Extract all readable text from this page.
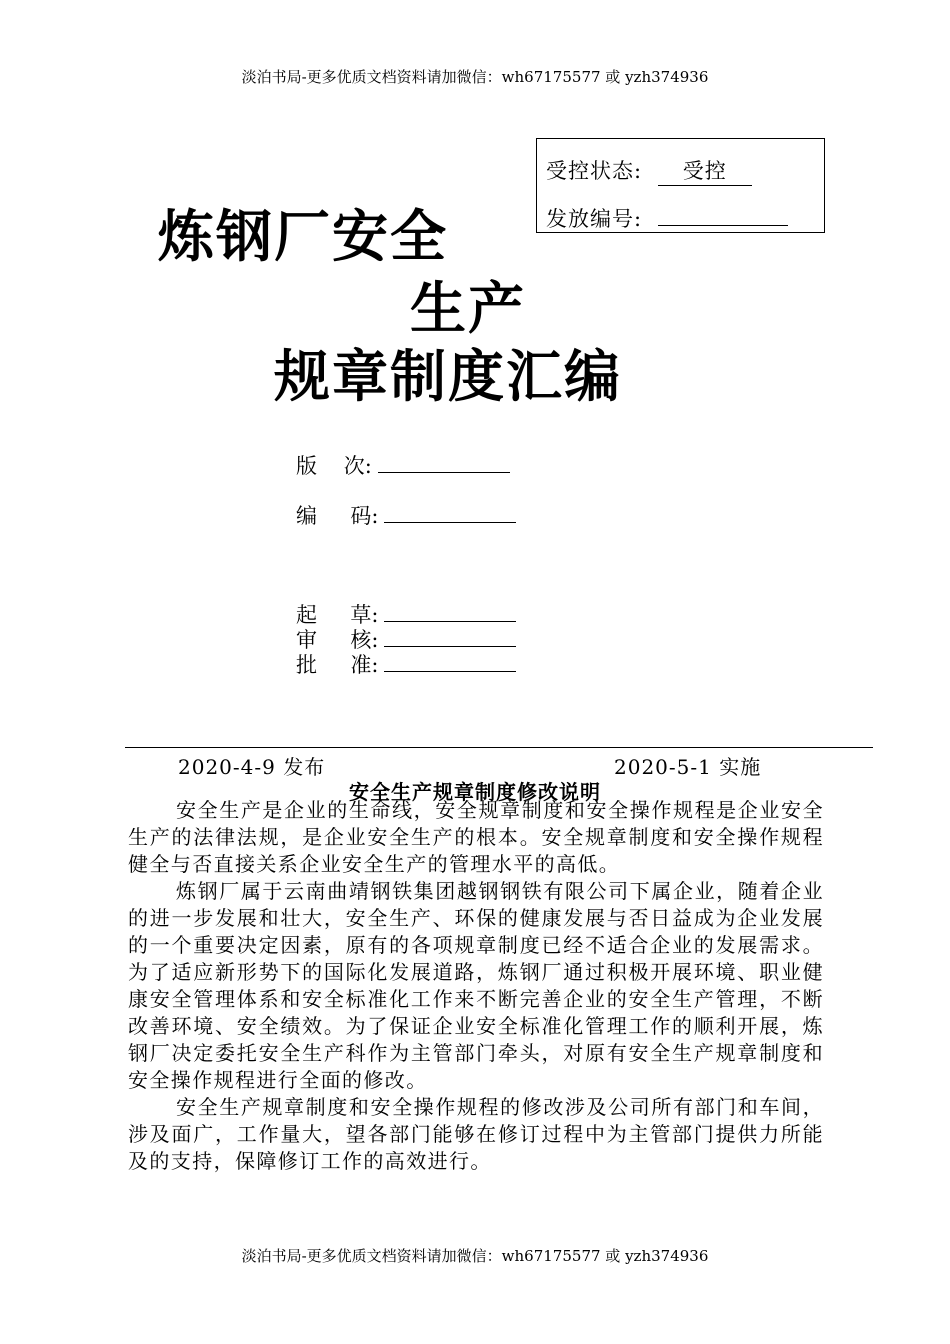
淡泊书局-更多优质文档资料请加微信：wh67175577 或 yzh374936
受控状态: 受控
发放编号:
炼钢厂安全
生产
规章制度汇编
版    次:
编     码:
起     草:
审     核:
批     准:
2020-4-9 发布	2020-5-1 实施
安全生产规章制度修改说明
安全生产是企业的生命线，安全规章制度和安全操作规程是企业安全生产的法律法规，是企业安全生产的根本。安全规章制度和安全操作规程健全与否直接关系企业安全生产的管理水平的高低。
炼钢厂属于云南曲靖钢铁集团越钢钢铁有限公司下属企业，随着企业的进一步发展和壮大，安全生产、环保的健康发展与否日益成为企业发展的一个重要决定因素，原有的各项规章制度已经不适合企业的发展需求。为了适应新形势下的国际化发展道路，炼钢厂通过积极开展环境、职业健康安全管理体系和安全标准化工作来不断完善企业的安全生产管理，不断改善环境、安全绩效。为了保证企业安全标准化管理工作的顺利开展，炼钢厂决定委托安全生产科作为主管部门牵头，对原有安全生产规章制度和安全操作规程进行全面的修改。
安全生产规章制度和安全操作规程的修改涉及公司所有部门和车间，涉及面广，工作量大，望各部门能够在修订过程中为主管部门提供力所能及的支持，保障修订工作的高效进行。
淡泊书局-更多优质文档资料请加微信：wh67175577 或 yzh374936
